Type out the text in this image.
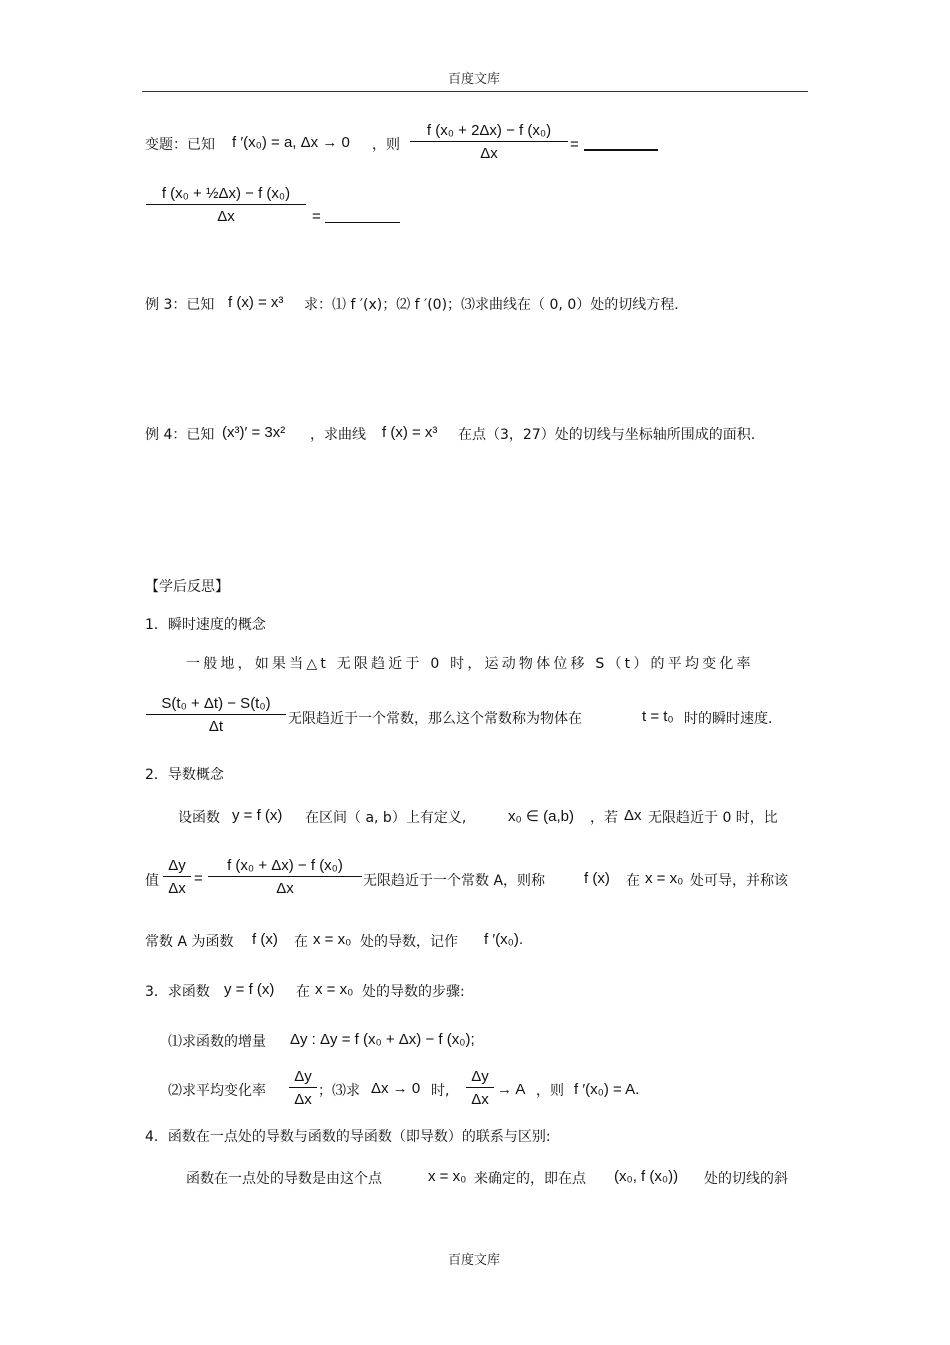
百度文库
变题：已知 f ′(x₀) = a, Δx → 0 ，则
f (x₀ + 2Δx) − f (x₀)
Δx
=
f (x₀ + ½Δx) − f (x₀)
Δx	=
例 3：已知 f (x) = x³ 求：⑴ f ′(x)；⑵ f ′(0)；⑶求曲线在（ 0, 0）处的切线方程.
例 4：已知 (x³)′ = 3x² ，求曲线 f (x) = x³ 在点（3，27）处的切线与坐标轴所围成的面积.
【学后反思】
1．瞬时速度的概念
一般地，如果当△t 无限趋近于 0 时，运动物体位移 S（t）的平均变化率
S(t₀ + Δt) − S(t₀)
Δt	无限趋近于一个常数，那么这个常数称为物体在	t = t₀ 时的瞬时速度.
2．导数概念
设函数 y = f (x) 在区间（ a, b）上有定义,	x₀ ∈ (a,b) ，若 Δx 无限趋近于 0 时，比
值
Δy
Δx
=
f (x₀ + Δx) − f (x₀)
Δx	无限趋近于一个常数 A，则称	f (x) 在 x = x₀ 处可导，并称该
常数 A 为函数 f (x) 在 x = x₀ 处的导数，记作 f ′(x₀).
3．求函数 y = f (x) 在 x = x₀ 处的导数的步骤:
⑴求函数的增量 Δy : Δy = f (x₀ + Δx) − f (x₀);
⑵求平均变化率
Δy
Δx ；⑶求 Δx → 0 时,
Δy
Δx
→ A ，则 f ′(x₀) = A.
4．函数在一点处的导数与函数的导函数（即导数）的联系与区别:
函数在一点处的导数是由这个点	x = x₀ 来确定的，即在点 (x₀, f (x₀)) 处的切线的斜
百度文库
